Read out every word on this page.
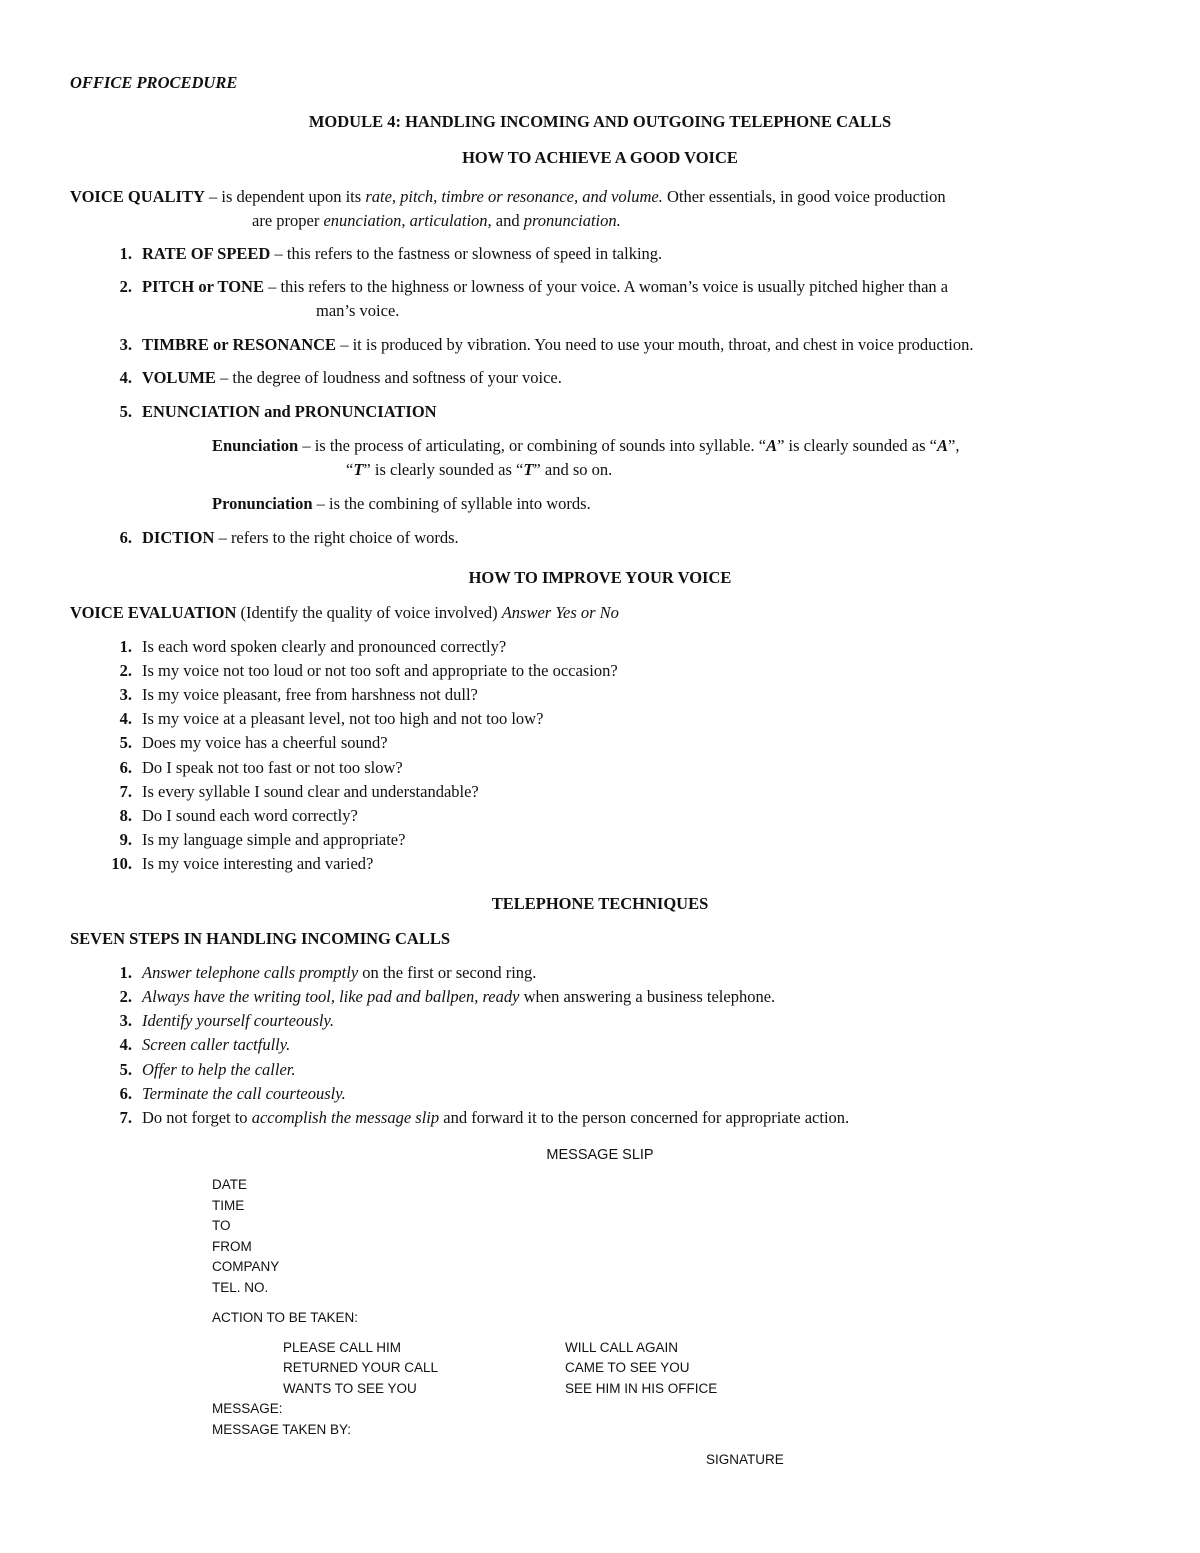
OFFICE PROCEDURE
MODULE 4: HANDLING INCOMING AND OUTGOING TELEPHONE CALLS
HOW TO ACHIEVE A GOOD VOICE
VOICE QUALITY – is dependent upon its rate, pitch, timbre or resonance, and volume. Other essentials, in good voice production
are proper enunciation, articulation, and pronunciation.
1. RATE OF SPEED – this refers to the fastness or slowness of speed in talking.
2. PITCH or TONE – this refers to the highness or lowness of your voice. A woman’s voice is usually pitched higher than a
man’s voice.
3. TIMBRE or RESONANCE – it is produced by vibration. You need to use your mouth, throat, and chest in voice production.
4. VOLUME – the degree of loudness and softness of your voice.
5. ENUNCIATION and PRONUNCIATION
Enunciation – is the process of articulating, or combining of sounds into syllable. “A” is clearly sounded as “A”,
“T” is clearly sounded as “T” and so on.
Pronunciation – is the combining of syllable into words.
6. DICTION – refers to the right choice of words.
HOW TO IMPROVE YOUR VOICE
VOICE EVALUATION (Identify the quality of voice involved) Answer Yes or No
1. Is each word spoken clearly and pronounced correctly?
2. Is my voice not too loud or not too soft and appropriate to the occasion?
3. Is my voice pleasant, free from harshness not dull?
4. Is my voice at a pleasant level, not too high and not too low?
5. Does my voice has a cheerful sound?
6. Do I speak not too fast or not too slow?
7. Is every syllable I sound clear and understandable?
8. Do I sound each word correctly?
9. Is my language simple and appropriate?
10. Is my voice interesting and varied?
TELEPHONE TECHNIQUES
SEVEN STEPS IN HANDLING INCOMING CALLS
1. Answer telephone calls promptly on the first or second ring.
2. Always have the writing tool, like pad and ballpen, ready when answering a business telephone.
3. Identify yourself courteously.
4. Screen caller tactfully.
5. Offer to help the caller.
6. Terminate the call courteously.
7. Do not forget to accomplish the message slip and forward it to the person concerned for appropriate action.
MESSAGE SLIP
DATE
TIME
TO
FROM
COMPANY
TEL. NO.
ACTION TO BE TAKEN:
PLEASE CALL HIM
RETURNED YOUR CALL
WANTS TO SEE YOU
WILL CALL AGAIN
CAME TO SEE YOU
SEE HIM IN HIS OFFICE
MESSAGE:
MESSAGE TAKEN BY:
SIGNATURE
